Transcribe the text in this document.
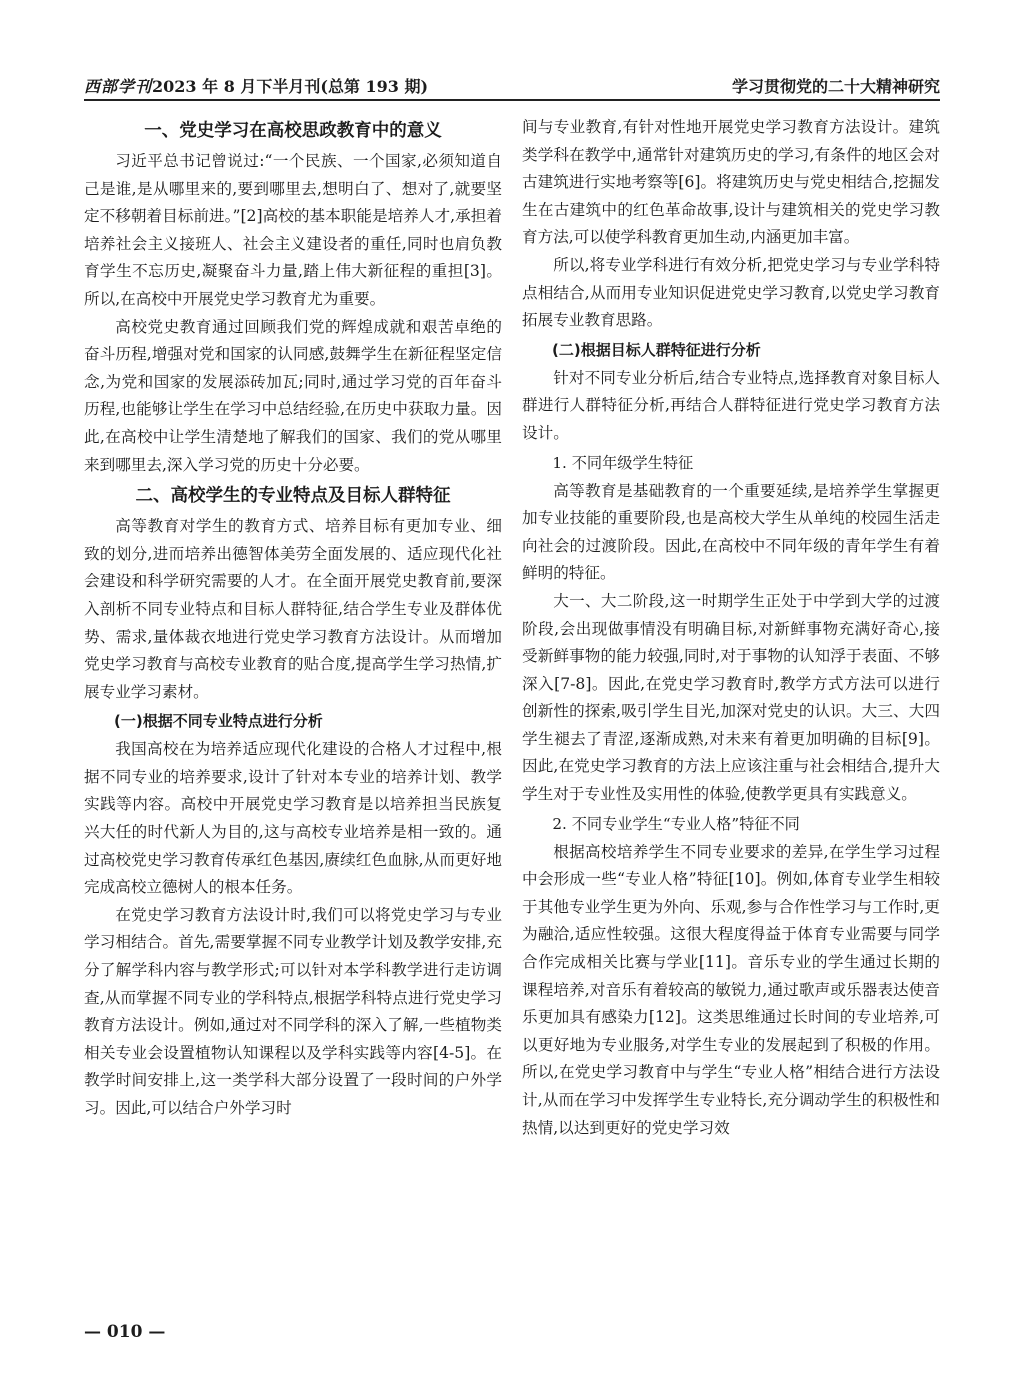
西部学刊2023 年 8 月下半月刊(总第 193 期)	学习贯彻党的二十大精神研究
一、党史学习在高校思政教育中的意义

习近平总书记曾说过:“一个民族、一个国家,必须知道自己是谁,是从哪里来的,要到哪里去,想明白了、想对了,就要坚定不移朝着目标前进。”[2]高校的基本职能是培养人才,承担着培养社会主义接班人、社会主义建设者的重任,同时也肩负教育学生不忘历史,凝聚奋斗力量,踏上伟大新征程的重担[3]。所以,在高校中开展党史学习教育尤为重要。

高校党史教育通过回顾我们党的辉煌成就和艰苦卓绝的奋斗历程,增强对党和国家的认同感,鼓舞学生在新征程坚定信念,为党和国家的发展添砖加瓦;同时,通过学习党的百年奋斗历程,也能够让学生在学习中总结经验,在历史中获取力量。因此,在高校中让学生清楚地了解我们的国家、我们的党从哪里来到哪里去,深入学习党的历史十分必要。

二、高校学生的专业特点及目标人群特征

高等教育对学生的教育方式、培养目标有更加专业、细致的划分,进而培养出德智体美劳全面发展的、适应现代化社会建设和科学研究需要的人才。在全面开展党史教育前,要深入剖析不同专业特点和目标人群特征,结合学生专业及群体优势、需求,量体裁衣地进行党史学习教育方法设计。从而增加党史学习教育与高校专业教育的贴合度,提高学生学习热情,扩展专业学习素材。

(一)根据不同专业特点进行分析

我国高校在为培养适应现代化建设的合格人才过程中,根据不同专业的培养要求,设计了针对本专业的培养计划、教学实践等内容。高校中开展党史学习教育是以培养担当民族复兴大任的时代新人为目的,这与高校专业培养是相一致的。通过高校党史学习教育传承红色基因,赓续红色血脉,从而更好地完成高校立德树人的根本任务。

在党史学习教育方法设计时,我们可以将党史学习与专业学习相结合。首先,需要掌握不同专业教学计划及教学安排,充分了解学科内容与教学形式;可以针对本学科教学进行走访调查,从而掌握不同专业的学科特点,根据学科特点进行党史学习教育方法设计。例如,通过对不同学科的深入了解,一些植物类相关专业会设置植物认知课程以及学科实践等内容[4-5]。在教学时间安排上,这一类学科大部分设置了一段时间的户外学习。因此,可以结合户外学习时

间与专业教育,有针对性地开展党史学习教育方法设计。建筑类学科在教学中,通常针对建筑历史的学习,有条件的地区会对古建筑进行实地考察等[6]。将建筑历史与党史相结合,挖掘发生在古建筑中的红色革命故事,设计与建筑相关的党史学习教育方法,可以使学科教育更加生动,内涵更加丰富。

所以,将专业学科进行有效分析,把党史学习与专业学科特点相结合,从而用专业知识促进党史学习教育,以党史学习教育拓展专业教育思路。

(二)根据目标人群特征进行分析

针对不同专业分析后,结合专业特点,选择教育对象目标人群进行人群特征分析,再结合人群特征进行党史学习教育方法设计。

1. 不同年级学生特征

高等教育是基础教育的一个重要延续,是培养学生掌握更加专业技能的重要阶段,也是高校大学生从单纯的校园生活走向社会的过渡阶段。因此,在高校中不同年级的青年学生有着鲜明的特征。

大一、大二阶段,这一时期学生正处于中学到大学的过渡阶段,会出现做事情没有明确目标,对新鲜事物充满好奇心,接受新鲜事物的能力较强,同时,对于事物的认知浮于表面、不够深入[7-8]。因此,在党史学习教育时,教学方式方法可以进行创新性的探索,吸引学生目光,加深对党史的认识。大三、大四学生褪去了青涩,逐渐成熟,对未来有着更加明确的目标[9]。因此,在党史学习教育的方法上应该注重与社会相结合,提升大学生对于专业性及实用性的体验,使教学更具有实践意义。

2. 不同专业学生“专业人格”特征不同

根据高校培养学生不同专业要求的差异,在学生学习过程中会形成一些“专业人格”特征[10]。例如,体育专业学生相较于其他专业学生更为外向、乐观,参与合作性学习与工作时,更为融洽,适应性较强。这很大程度得益于体育专业需要与同学合作完成相关比赛与学业[11]。音乐专业的学生通过长期的课程培养,对音乐有着较高的敏锐力,通过歌声或乐器表达使音乐更加具有感染力[12]。这类思维通过长时间的专业培养,可以更好地为专业服务,对学生专业的发展起到了积极的作用。所以,在党史学习教育中与学生“专业人格”相结合进行方法设计,从而在学习中发挥学生专业特长,充分调动学生的积极性和热情,以达到更好的党史学习效

— 010 —
